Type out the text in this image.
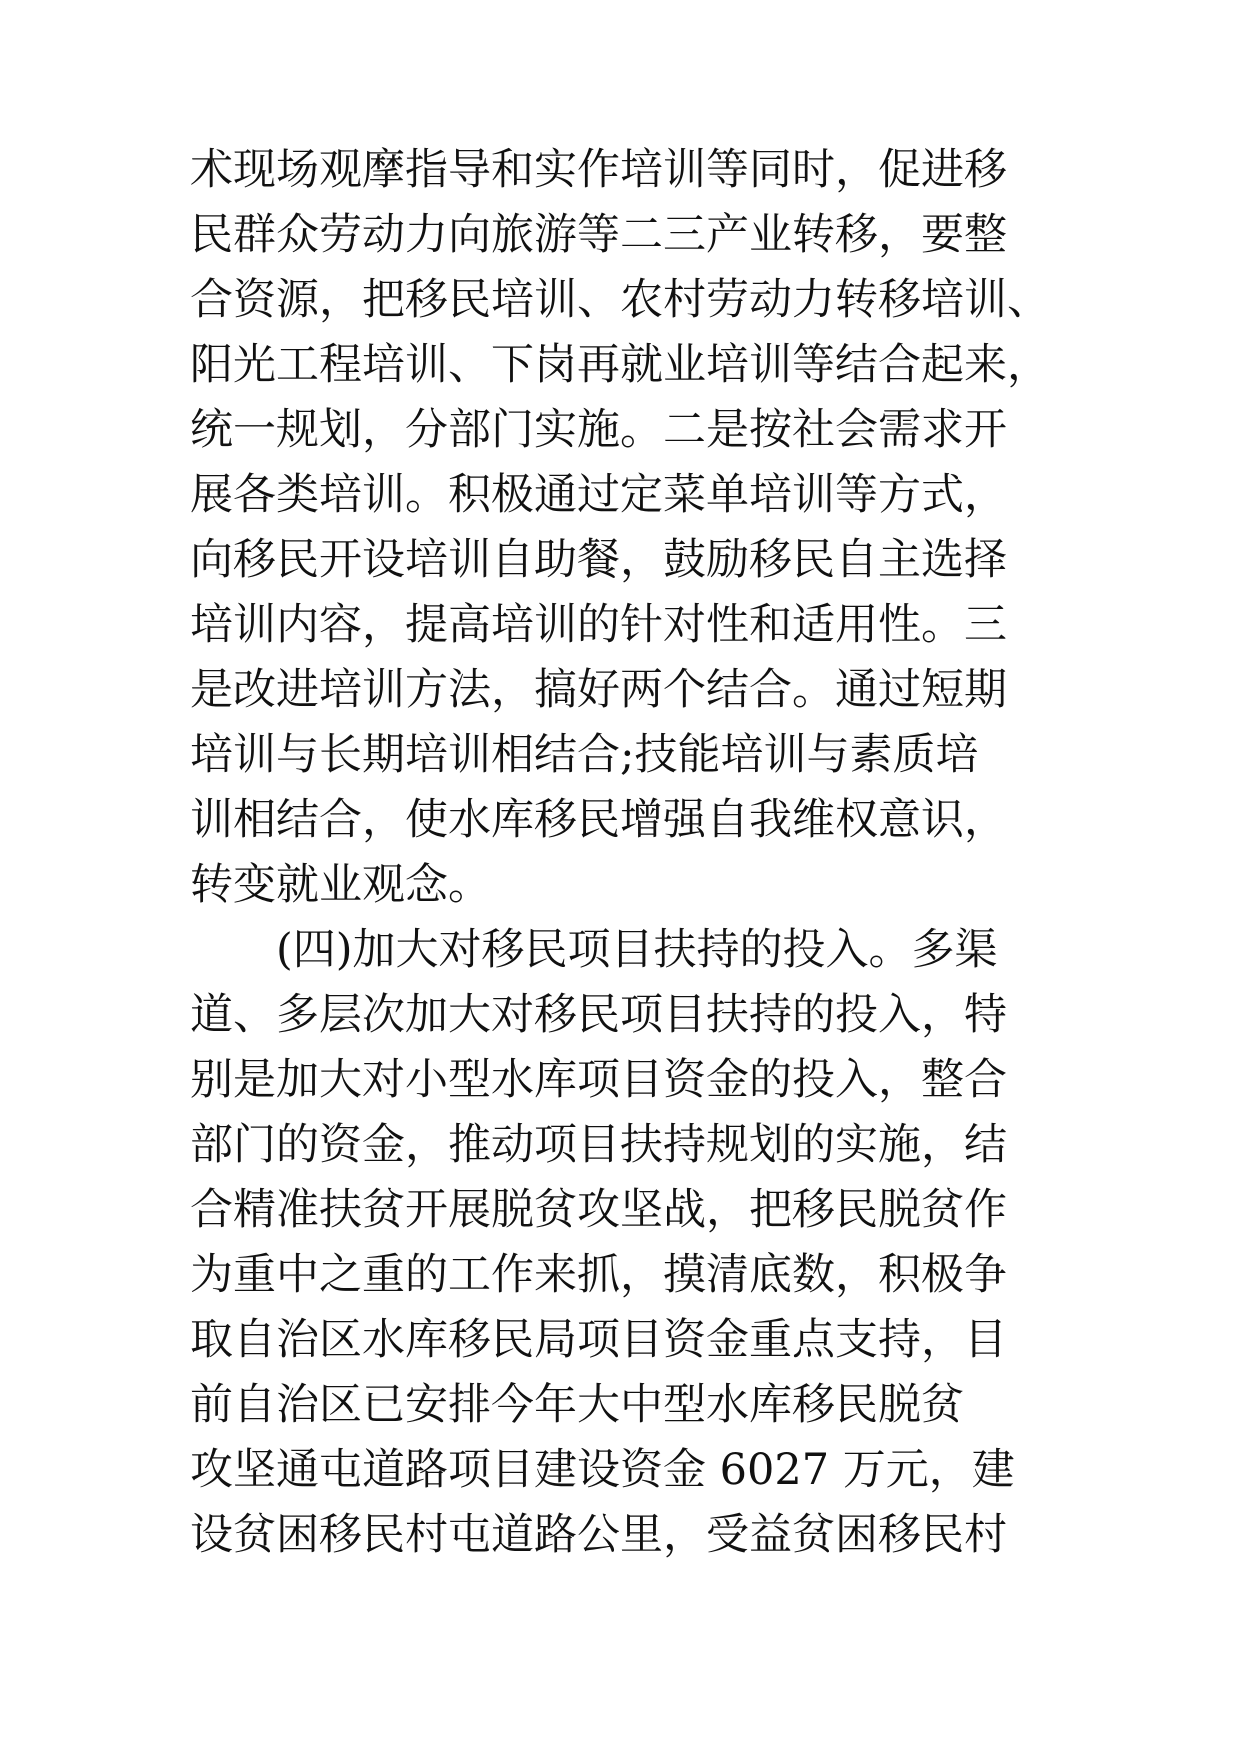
术现场观摩指导和实作培训等同时，促进移
民群众劳动力向旅游等二三产业转移，要整
合资源，把移民培训、农村劳动力转移培训、
阳光工程培训、下岗再就业培训等结合起来，
统一规划，分部门实施。二是按社会需求开
展各类培训。积极通过定菜单培训等方式，
向移民开设培训自助餐，鼓励移民自主选择
培训内容，提高培训的针对性和适用性。三
是改进培训方法，搞好两个结合。通过短期
培训与长期培训相结合;技能培训与素质培
训相结合，使水库移民增强自我维权意识，
转变就业观念。
(四)加大对移民项目扶持的投入。多渠
道、多层次加大对移民项目扶持的投入，特
别是加大对小型水库项目资金的投入，整合
部门的资金，推动项目扶持规划的实施，结
合精准扶贫开展脱贫攻坚战，把移民脱贫作
为重中之重的工作来抓，摸清底数，积极争
取自治区水库移民局项目资金重点支持，目
前自治区已安排今年大中型水库移民脱贫
攻坚通屯道路项目建设资金 6027 万元，建
设贫困移民村屯道路公里，受益贫困移民村
